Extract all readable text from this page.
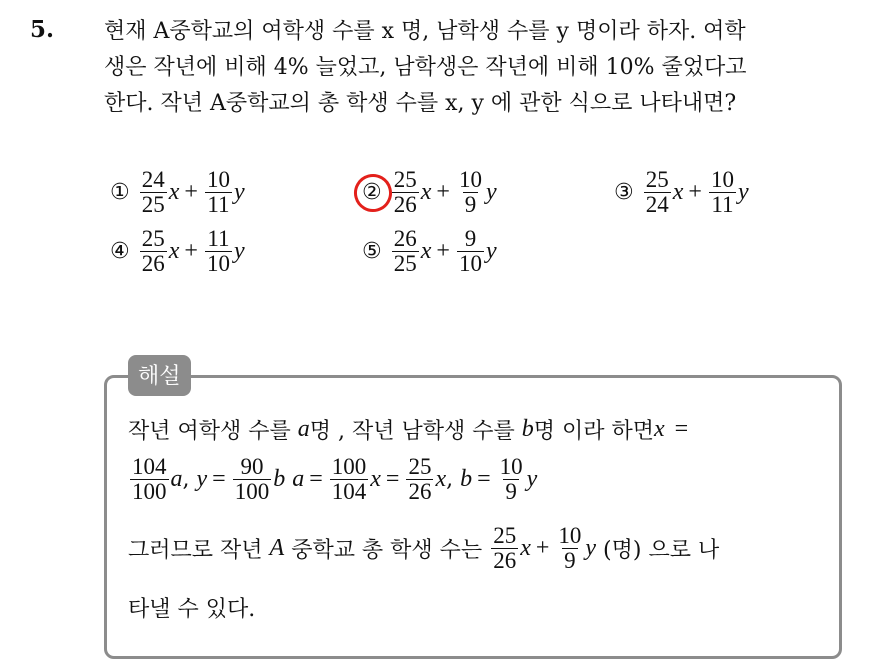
5. 현재 A중학교의 여학생 수를 x 명, 남학생 수를 y 명이라 하자. 여학
생은 작년에 비해 4% 늘었고, 남학생은 작년에 비해 10% 줄었다고
한다. 작년 A중학교의 총 학생 수를 x, y 에 관한 식으로 나타내면?
① $\frac{24}{25}$ $x + \frac{10}{11}$ y	② $\frac{25}{26}$ $x + \frac{10}{9}$ y	③ $\frac{25}{24}$ $x + \frac{10}{11}$ y
④ $\frac{25}{26}$ $x + \frac{11}{10}$ y	⑤ $\frac{26}{25}$ $x + \frac{9}{10}$ y
해설
작년 여학생 수를
a 명 , 작년 남학생 수를
b 명 이라 하면 x =
$\frac{104}{100}$ a ,
$y = \frac{90}{100}$ b
$a = \frac{100}{104}$ $x = \frac{25}{26}$ x ,
$b = \frac{10}{9}$ y
그러므로 작년
A
중학교 총 학생 수는
$\frac{25}{26}$ $x + \frac{10}{9}$ y
(명) 으로 나
타낼 수 있다.
